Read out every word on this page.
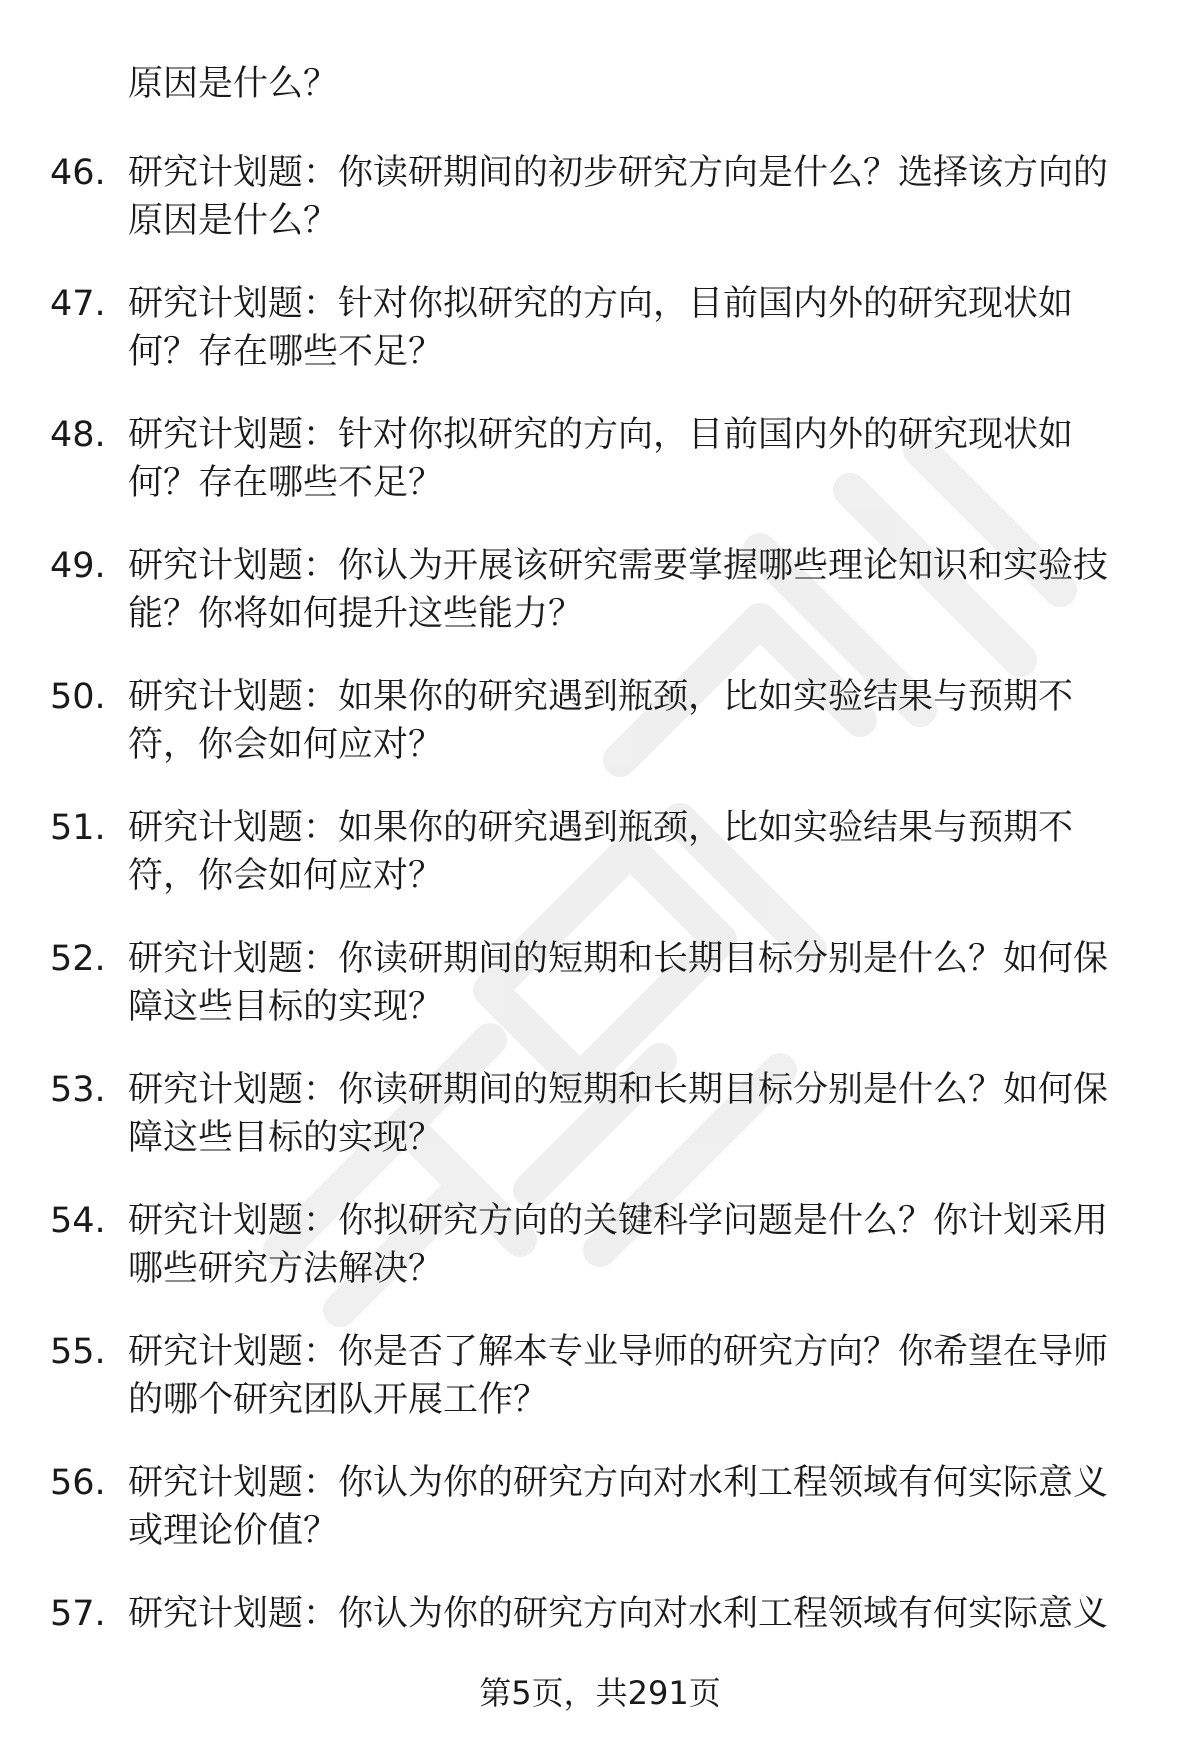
原因是什么？

46. 研究计划题：你读研期间的初步研究方向是什么？选择该方向的原因是什么？

47. 研究计划题：针对你拟研究的方向，目前国内外的研究现状如何？存在哪些不足？

48. 研究计划题：针对你拟研究的方向，目前国内外的研究现状如何？存在哪些不足？

49. 研究计划题：你认为开展该研究需要掌握哪些理论知识和实验技能？你将如何提升这些能力？

50. 研究计划题：如果你的研究遇到瓶颈，比如实验结果与预期不符，你会如何应对？

51. 研究计划题：如果你的研究遇到瓶颈，比如实验结果与预期不符，你会如何应对？

52. 研究计划题：你读研期间的短期和长期目标分别是什么？如何保障这些目标的实现？

53. 研究计划题：你读研期间的短期和长期目标分别是什么？如何保障这些目标的实现？

54. 研究计划题：你拟研究方向的关键科学问题是什么？你计划采用哪些研究方法解决？

55. 研究计划题：你是否了解本专业导师的研究方向？你希望在导师的哪个研究团队开展工作？

56. 研究计划题：你认为你的研究方向对水利工程领域有何实际意义或理论价值？

57. 研究计划题：你认为你的研究方向对水利工程领域有何实际意义

第5页，共291页
